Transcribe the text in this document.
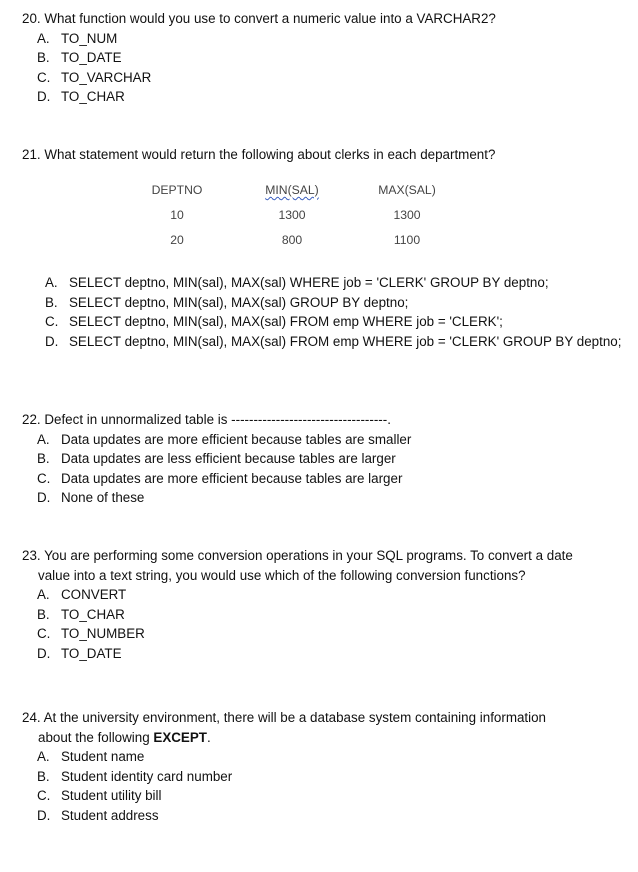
20. What function would you use to convert a numeric value into a VARCHAR2?

A. TO_NUM
B. TO_DATE
C. TO_VARCHAR
D. TO_CHAR

21. What statement would return the following about clerks in each department?

DEPTNO	MIN(SAL)	MAX(SAL)
10	1300	1300
20	800	1100
A. SELECT deptno, MIN(sal), MAX(sal) WHERE job = 'CLERK' GROUP BY deptno;
B. SELECT deptno, MIN(sal), MAX(sal) GROUP BY deptno;
C. SELECT deptno, MIN(sal), MAX(sal) FROM emp WHERE job = 'CLERK';
D. SELECT deptno, MIN(sal), MAX(sal) FROM emp WHERE job = 'CLERK' GROUP BY deptno;

22. Defect in unnormalized table is -----------------------------------.

A. Data updates are more efficient because tables are smaller
B. Data updates are less efficient because tables are larger
C. Data updates are more efficient because tables are larger
D. None of these

23. You are performing some conversion operations in your SQL programs. To convert a date

value into a text string, you would use which of the following conversion functions?

A. CONVERT
B. TO_CHAR
C. TO_NUMBER
D. TO_DATE

24. At the university environment, there will be a database system containing information

about the following EXCEPT.

A. Student name
B. Student identity card number
C. Student utility bill
D. Student address
